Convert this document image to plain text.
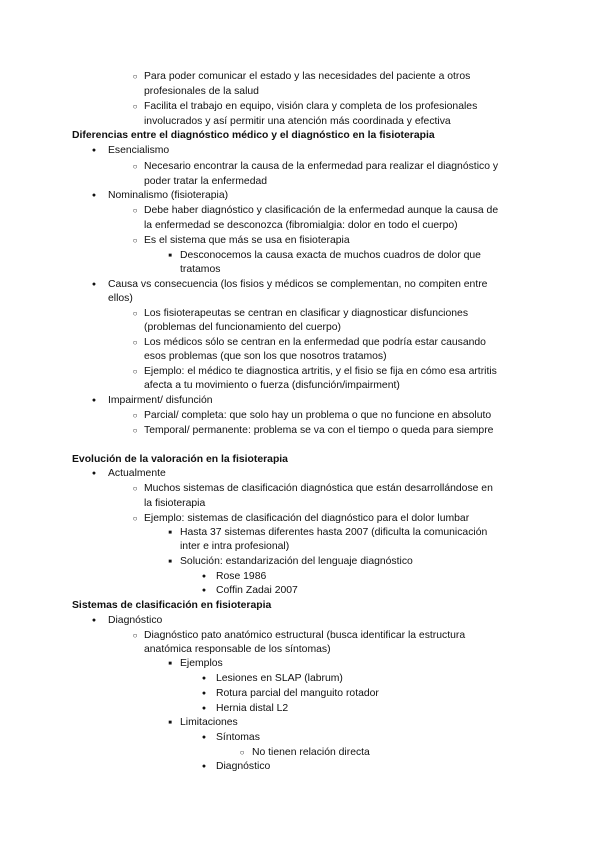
○
Para poder comunicar el estado y las necesidades del paciente a otros
profesionales de la salud
○
Facilita el trabajo en equipo, visión clara y completa de los profesionales
involucrados y así permitir una atención más coordinada y efectiva
Diferencias entre el diagnóstico médico y el diagnóstico en la fisioterapia
●
Esencialismo
○
Necesario encontrar la causa de la enfermedad para realizar el diagnóstico y
poder tratar la enfermedad
●
Nominalismo (fisioterapia)
○
Debe haber diagnóstico y clasificación de la enfermedad aunque la causa de
la enfermedad se desconozca (fibromialgia: dolor en todo el cuerpo)
○
Es el sistema que más se usa en fisioterapia
■
Desconocemos la causa exacta de muchos cuadros de dolor que
tratamos
●
Causa vs consecuencia (los fisios y médicos se complementan, no compiten entre
ellos)
○
Los fisioterapeutas se centran en clasificar y diagnosticar disfunciones
(problemas del funcionamiento del cuerpo)
○
Los médicos sólo se centran en la enfermedad que podría estar causando
esos problemas (que son los que nosotros tratamos)
○
Ejemplo: el médico te diagnostica artritis, y el fisio se fija en cómo esa artritis
afecta a tu movimiento o fuerza (disfunción/impairment)
●
Impairment/ disfunción
○
Parcial/ completa: que solo hay un problema o que no funcione en absoluto
○
Temporal/ permanente: problema se va con el tiempo o queda para siempre
Evolución de la valoración en la fisioterapia
●
Actualmente
○
Muchos sistemas de clasificación diagnóstica que están desarrollándose en
la fisioterapia
○
Ejemplo: sistemas de clasificación del diagnóstico para el dolor lumbar
■
Hasta 37 sistemas diferentes hasta 2007 (dificulta la comunicación
inter e intra profesional)
■
Solución: estandarización del lenguaje diagnóstico
●
Rose 1986
●
Coffin Zadai 2007
Sistemas de clasificación en fisioterapia
●
Diagnóstico
○
Diagnóstico pato anatómico estructural (busca identificar la estructura
anatómica responsable de los síntomas)
■
Ejemplos
●
Lesiones en SLAP (labrum)
●
Rotura parcial del manguito rotador
●
Hernia distal L2
■
Limitaciones
●
Síntomas
○
No tienen relación directa
●
Diagnóstico
